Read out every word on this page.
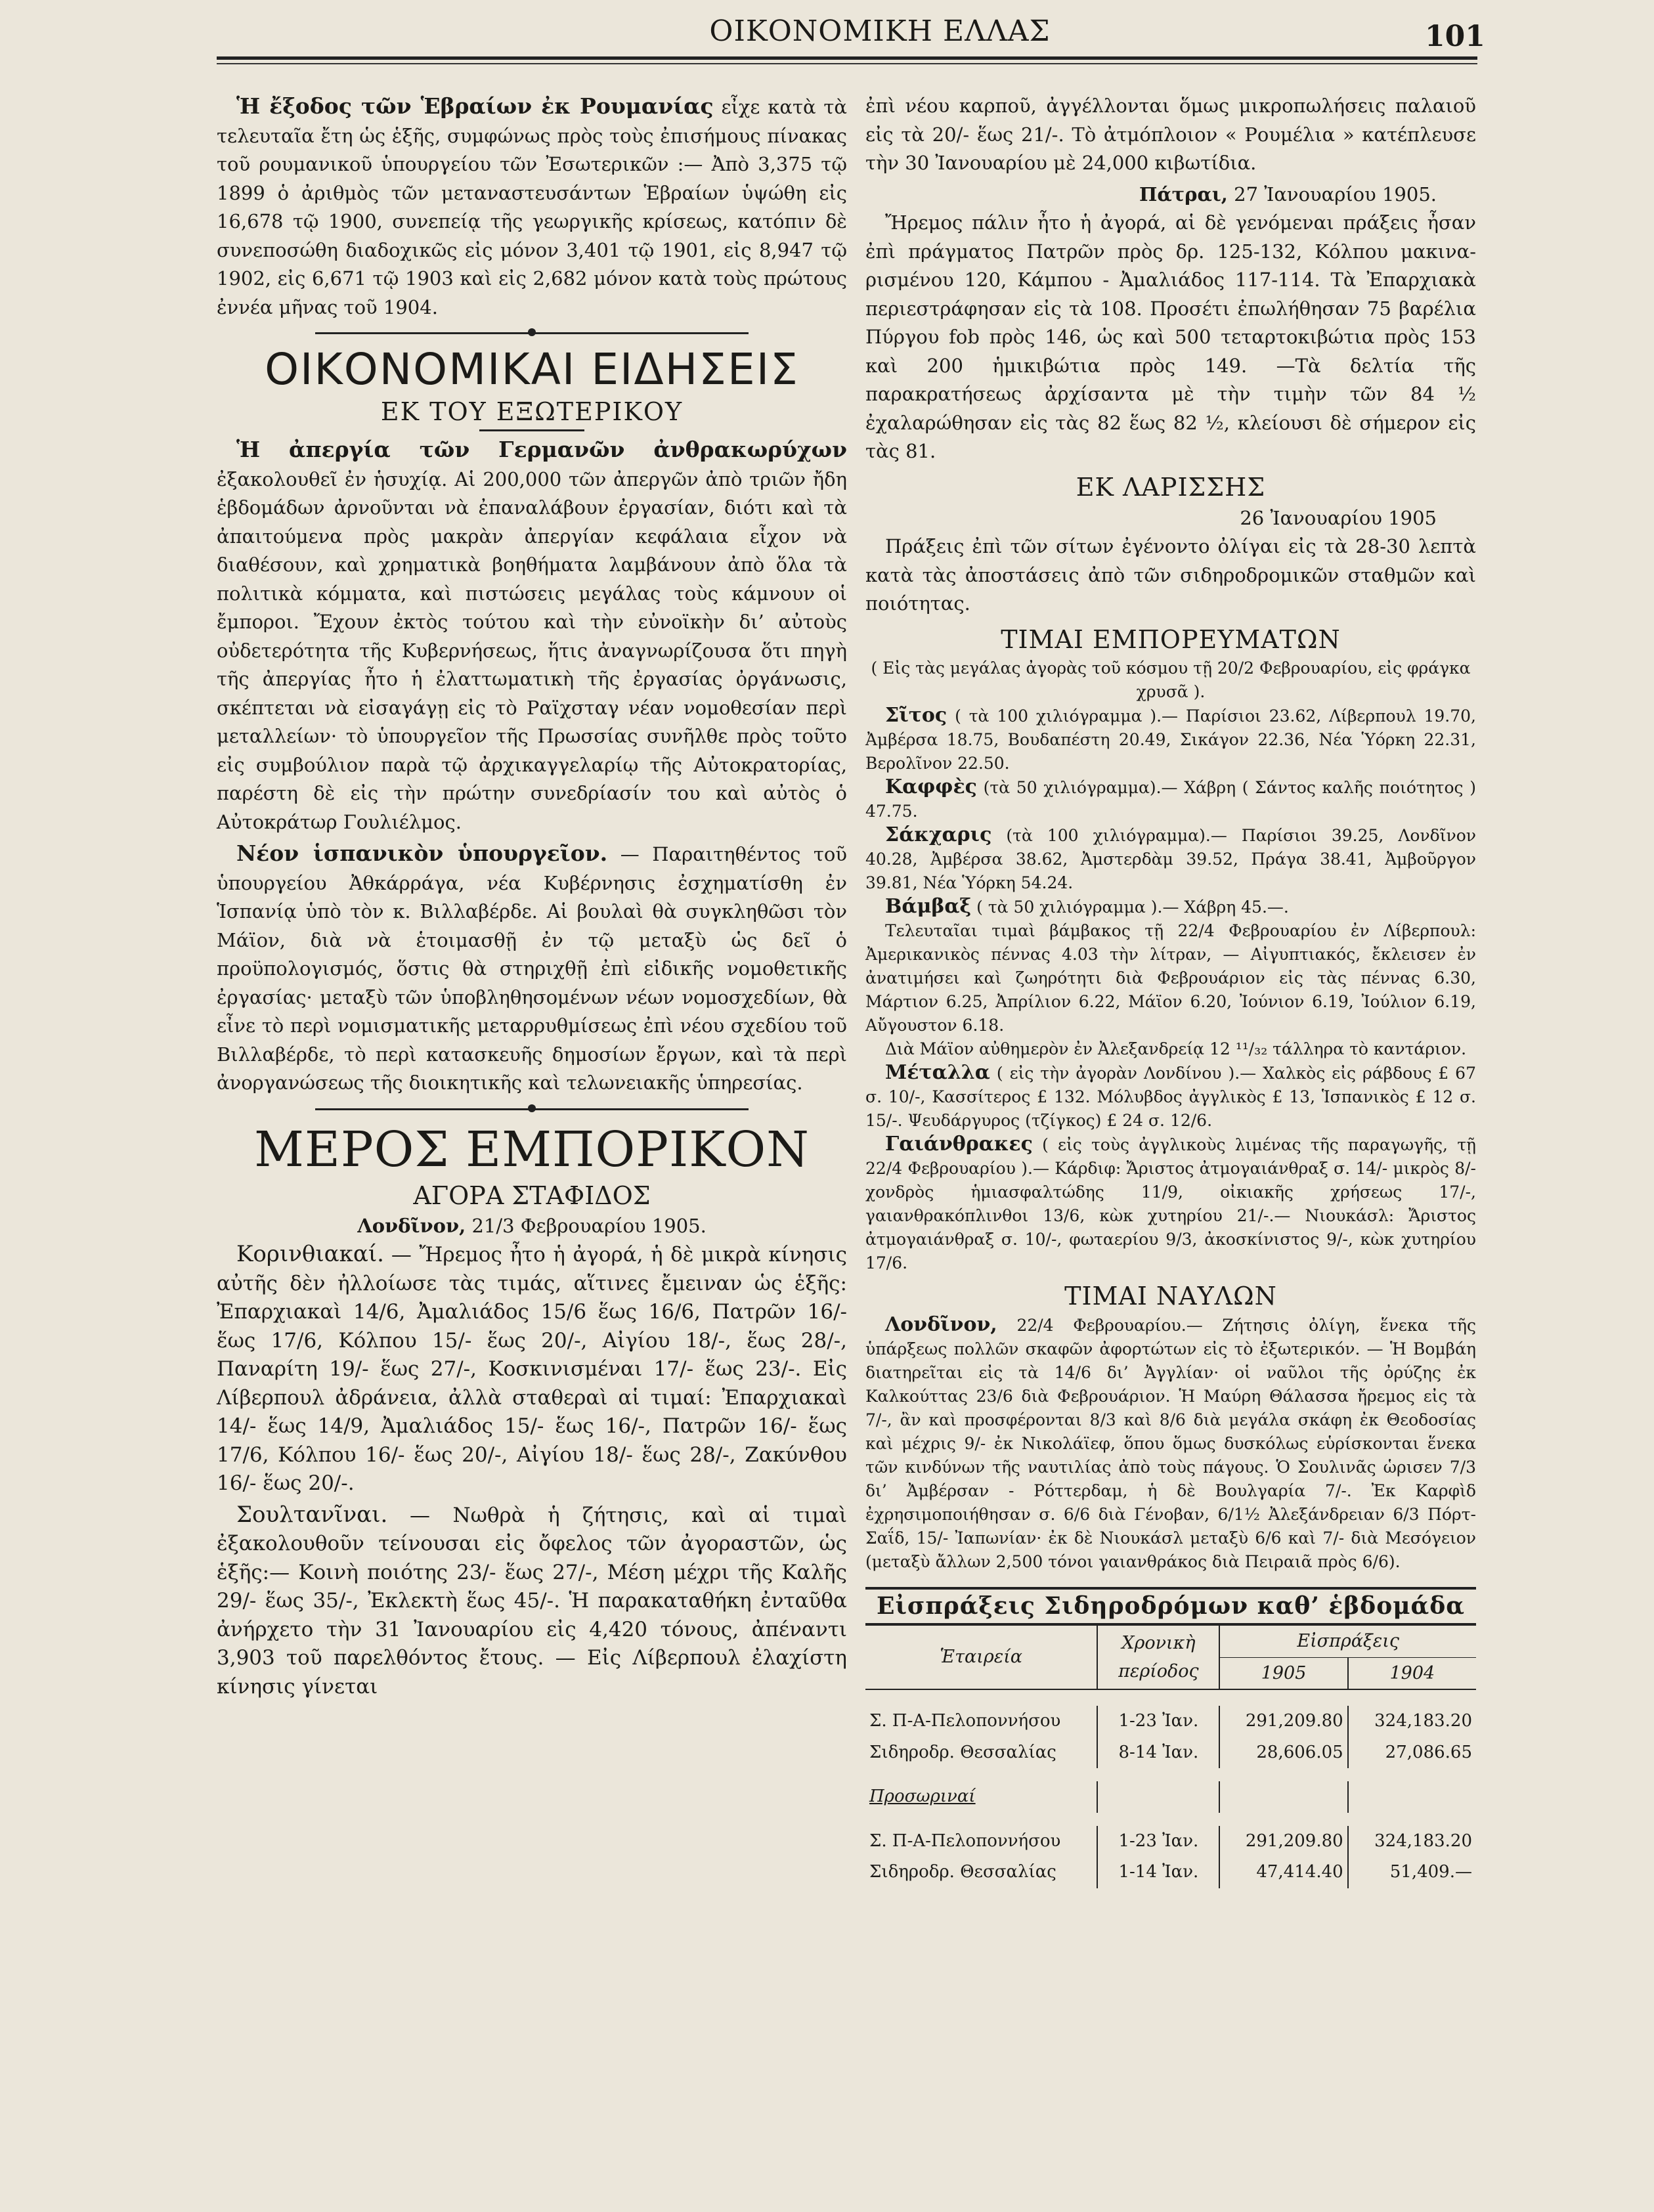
ΟΙΚΟΝΟΜΙΚΗ ΕΛΛΑΣ	101

Ἡ ἔξοδος τῶν Ἑβραίων ἐκ Ρουμανίας εἶχε κατὰ τὰ τελευταῖα ἔτη ὡς ἑξῆς, συμφώνως πρὸς τοὺς ἐπισήμους πίνακας τοῦ ρουμανικοῦ ὑπουργείου τῶν Ἐσωτερικῶν :— Ἀπὸ 3,375 τῷ 1899 ὁ ἀριθμὸς τῶν μεταναστευσάντων Ἑβραίων ὑψώθη εἰς 16,678 τῷ 1900, συνεπείᾳ τῆς γεωργικῆς κρίσεως, κατόπιν δὲ συνεποσώθη διαδοχικῶς εἰς μόνον 3,401 τῷ 1901, εἰς 8,947 τῷ 1902, εἰς 6,671 τῷ 1903 καὶ εἰς 2,682 μόνον κατὰ τοὺς πρώτους ἐννέα μῆνας τοῦ 1904.

ΟΙΚΟΝΟΜΙΚΑΙ ΕΙΔΗΣΕΙΣ
ΕΚ ΤΟΥ ΕΞΩΤΕΡΙΚΟΥ

Ἡ ἀπεργία τῶν Γερμανῶν ἀνθρακωρύχων ἐξακολουθεῖ ἐν ἡσυχίᾳ. Αἱ 200,000 τῶν ἀπεργῶν ἀπὸ τριῶν ἤδη ἑβδομάδων ἀρνοῦνται νὰ ἐπαναλάβουν ἐργασίαν, διότι καὶ τὰ ἀπαιτούμενα πρὸς μακρὰν ἀπεργίαν κεφάλαια εἶχον νὰ διαθέσουν, καὶ χρηματικὰ βοηθήματα λαμβάνουν ἀπὸ ὅλα τὰ πολιτικὰ κόμματα, καὶ πιστώσεις μεγάλας τοὺς κάμνουν οἱ ἔμποροι. Ἔχουν ἐκτὸς τούτου καὶ τὴν εὐνοϊκὴν δι’ αὐτοὺς οὐδετερότητα τῆς Κυβερνήσεως, ἥτις ἀναγνωρίζουσα ὅτι πηγὴ τῆς ἀπεργίας ἦτο ἡ ἐλαττωματικὴ τῆς ἐργασίας ὀργάνωσις, σκέπτεται νὰ εἰσαγάγῃ εἰς τὸ Ραϊχσταγ νέαν νομοθεσίαν περὶ μεταλλείων· τὸ ὑπουργεῖον τῆς Πρωσσίας συνῆλθε πρὸς τοῦτο εἰς συμβούλιον παρὰ τῷ ἀρχικαγγελαρίῳ τῆς Αὐτοκρατορίας, παρέστη δὲ εἰς τὴν πρώτην συνεδρίασίν του καὶ αὐτὸς ὁ Αὐτοκράτωρ Γουλιέλμος.

Νέον ἱσπανικὸν ὑπουργεῖον. — Παραιτηθέντος τοῦ ὑπουργείου Ἀθκάρράγα, νέα Κυβέρνησις ἐσχηματίσθη ἐν Ἱσπανίᾳ ὑπὸ τὸν κ. Βιλλαβέρδε. Αἱ βουλαὶ θὰ συγκληθῶσι τὸν Μάϊον, διὰ νὰ ἑτοιμασθῇ ἐν τῷ μεταξὺ ὡς δεῖ ὁ προϋπολογισμός, ὅστις θὰ στηριχθῇ ἐπὶ εἰδικῆς νομοθετικῆς ἐργασίας· μεταξὺ τῶν ὑποβληθησομένων νέων νομοσχεδίων, θὰ εἶνε τὸ περὶ νομισματικῆς μεταρρυθμίσεως ἐπὶ νέου σχεδίου τοῦ Βιλλαβέρδε, τὸ περὶ κατασκευῆς δημοσίων ἔργων, καὶ τὰ περὶ ἀνοργανώσεως τῆς διοικητικῆς καὶ τελωνειακῆς ὑπηρεσίας.

ΜΕΡΟΣ ΕΜΠΟΡΙΚΟΝ
ΑΓΟΡΑ ΣΤΑΦΙΔΟΣ
Λονδῖνον, 21/3 Φεβρουαρίου 1905.

Κορινθιακαί. — Ἤρεμος ἦτο ἡ ἀγορά, ἡ δὲ μικρὰ κίνησις αὐτῆς δὲν ἠλλοίωσε τὰς τιμάς, αἵτινες ἔμειναν ὡς ἑξῆς: Ἐπαρχιακαὶ 14/6, Ἀμαλιάδος 15/6 ἕως 16/6, Πατρῶν 16/- ἕως 17/6, Κόλπου 15/- ἕως 20/-, Αἰγίου 18/-, ἕως 28/-, Παναρίτη 19/- ἕως 27/-, Κοσκινισμέναι 17/- ἕως 23/-. Εἰς Λίβερπουλ ἀδράνεια, ἀλλὰ σταθεραὶ αἱ τιμαί: Ἐπαρχιακαὶ 14/- ἕως 14/9, Ἀμαλιάδος 15/- ἕως 16/-, Πατρῶν 16/- ἕως 17/6, Κόλπου 16/- ἕως 20/-, Αἰγίου 18/- ἕως 28/-, Ζακύνθου 16/- ἕως 20/-.

Σουλτανῖναι. — Νωθρὰ ἡ ζήτησις, καὶ αἱ τιμαὶ ἐξακολουθοῦν τείνουσαι εἰς ὄφελος τῶν ἀγοραστῶν, ὡς ἑξῆς:— Κοινὴ ποιότης 23/- ἕως 27/-, Μέση μέχρι τῆς Καλῆς 29/- ἕως 35/-, Ἐκλεκτὴ ἕως 45/-. Ἡ παρακαταθήκη ἐνταῦθα ἀνήρχετο τὴν 31 Ἰανουαρίου εἰς 4,420 τόνους, ἀπέναντι 3,903 τοῦ παρελθόντος ἔτους. — Εἰς Λίβερπουλ ἐλαχίστη κίνησις γίνεται

ἐπὶ νέου καρποῦ, ἀγγέλλονται ὅμως μικροπωλήσεις παλαιοῦ εἰς τὰ 20/- ἕως 21/-. Τὸ ἀτμόπλοιον « Ρουμέλια » κατέπλευσε τὴν 30 Ἰανουαρίου μὲ 24,000 κιβωτίδια.

Πάτραι, 27 Ἰανουαρίου 1905.

Ἤρεμος πάλιν ἦτο ἡ ἀγορά, αἱ δὲ γενόμεναι πράξεις ἦσαν ἐπὶ πράγματος Πατρῶν πρὸς δρ. 125-132, Κόλπου μακιναρισμένου 120, Κάμπου - Ἀμαλιάδος 117-114. Τὰ Ἐπαρχιακὰ περιεστράφησαν εἰς τὰ 108. Προσέτι ἐπωλήθησαν 75 βαρέλια Πύργου fob πρὸς 146, ὡς καὶ 500 τεταρτοκιβώτια πρὸς 153 καὶ 200 ἡμικιβώτια πρὸς 149. —Τὰ δελτία τῆς παρακρατήσεως ἀρχίσαντα μὲ τὴν τιμὴν τῶν 84 ½ ἐχαλαρώθησαν εἰς τὰς 82 ἕως 82 ½, κλείουσι δὲ σήμερον εἰς τὰς 81.

ΕΚ ΛΑΡΙΣΣΗΣ
26 Ἰανουαρίου 1905

Πράξεις ἐπὶ τῶν σίτων ἐγένοντο ὀλίγαι εἰς τὰ 28-30 λεπτὰ κατὰ τὰς ἀποστάσεις ἀπὸ τῶν σιδηροδρομικῶν σταθμῶν καὶ ποιότητας.

ΤΙΜΑΙ ΕΜΠΟΡΕΥΜΑΤΩΝ
( Εἰς τὰς μεγάλας ἀγορὰς τοῦ κόσμου τῇ 20/2 Φεβρουαρίου, εἰς φράγκα χρυσᾶ ).
Σῖτος ( τὰ 100 χιλιόγραμμα ).— Παρίσιοι 23.62, Λίβερπουλ 19.70, Ἀμβέρσα 18.75, Βουδαπέστη 20.49, Σικάγον 22.36, Νέα Ὑόρκη 22.31, Βερολῖνον 22.50.
Καφφὲς (τὰ 50 χιλιόγραμμα).— Χάβρη ( Σάντος καλῆς ποιότητος ) 47.75.
Σάκχαρις (τὰ 100 χιλιόγραμμα).— Παρίσιοι 39.25, Λονδῖνον 40.28, Ἀμβέρσα 38.62, Ἀμστερδὰμ 39.52, Πράγα 38.41, Ἀμβοῦργον 39.81, Νέα Ὑόρκη 54.24.
Βάμβαξ ( τὰ 50 χιλιόγραμμα ).— Χάβρη 45.—.
Τελευταῖαι τιμαὶ βάμβακος τῇ 22/4 Φεβρουαρίου ἐν Λίβερπουλ: Ἀμερικανικὸς πέννας 4.03 τὴν λίτραν, — Αἰγυπτιακός, ἔκλεισεν ἐν ἀνατιμήσει καὶ ζωηρότητι διὰ Φεβρουάριον εἰς τὰς πέννας 6.30, Μάρτιον 6.25, Ἀπρίλιον 6.22, Μάϊον 6.20, Ἰούνιον 6.19, Ἰούλιον 6.19, Αὔγουστον 6.18.
Διὰ Μάϊον αὐθημερὸν ἐν Ἀλεξανδρείᾳ 12 ¹¹/₃₂ τάλληρα τὸ καντάριον.
Μέταλλα ( εἰς τὴν ἀγορὰν Λονδίνου ).— Χαλκὸς εἰς ράβδους £ 67 σ. 10/-, Κασσίτερος £ 132. Μόλυβδος ἀγγλικὸς £ 13, Ἱσπανικὸς £ 12 σ. 15/-. Ψευδάργυρος (τζίγκος) £ 24 σ. 12/6.
Γαιάνθρακες ( εἰς τοὺς ἀγγλικοὺς λιμένας τῆς παραγωγῆς, τῇ 22/4 Φεβρουαρίου ).— Κάρδιφ: Ἄριστος ἀτμογαιάνθραξ σ. 14/- μικρὸς 8/- χονδρὸς ἡμιασφαλτώδης 11/9, οἰκιακῆς χρήσεως 17/-, γαιανθρακόπλινθοι 13/6, κὼκ χυτηρίου 21/-.— Νιουκάσλ: Ἄριστος ἀτμογαιάνθραξ σ. 10/-, φωταερίου 9/3, ἀκοσκίνιστος 9/-, κὼκ χυτηρίου 17/6.
ΤΙΜΑΙ ΝΑΥΛΩΝ
Λονδῖνον, 22/4 Φεβρουαρίου.— Ζήτησις ὀλίγη, ἕνεκα τῆς ὑπάρξεως πολλῶν σκαφῶν ἀφορτώτων εἰς τὸ ἐξωτερικόν. — Ἡ Βομβάη διατηρεῖται εἰς τὰ 14/6 δι’ Ἀγγλίαν· οἱ ναῦλοι τῆς ὀρύζης ἐκ Καλκούττας 23/6 διὰ Φεβρουάριον. Ἡ Μαύρη Θάλασσα ἤρεμος εἰς τὰ 7/-, ἂν καὶ προσφέρονται 8/3 καὶ 8/6 διὰ μεγάλα σκάφη ἐκ Θεοδοσίας καὶ μέχρις 9/- ἐκ Νικολάϊεφ, ὅπου ὅμως δυσκόλως εὑρίσκονται ἕνεκα τῶν κινδύνων τῆς ναυτιλίας ἀπὸ τοὺς πάγους. Ὁ Σουλινᾶς ὡρισεν 7/3 δι’ Ἀμβέρσαν - Ρόττερδαμ, ἡ δὲ Βουλγαρία 7/-. Ἐκ Καρφὶδ ἐχρησιμοποιήθησαν σ. 6/6 διὰ Γένοβαν, 6/1½ Ἀλεξάνδρειαν 6/3 Πόρτ-Σαΐδ, 15/- Ἰαπωνίαν· ἐκ δὲ Νιουκάσλ μεταξὺ 6/6 καὶ 7/- διὰ Μεσόγειον (μεταξὺ ἄλλων 2,500 τόνοι γαιανθράκος διὰ Πειραιᾶ πρὸς 6/6).
Εἰσπράξεις Σιδηροδρόμων καθ’ ἑβδομάδα
Ἑταιρεία	Χρονικὴ περίοδος	Εἰσπράξεις	
		1905	1904

Σ. Π-Α-Πελοποννήσου	1-23 Ἰαν.	291,209.80	324,183.20
Σιδηροδρ. Θεσσαλίας	8-14 Ἰαν.	28,606.05	27,086.65

Προσωριναί			

Σ. Π-Α-Πελοποννήσου	1-23 Ἰαν.	291,209.80	324,183.20
Σιδηροδρ. Θεσσαλίας	1-14 Ἰαν.	47,414.40	51,409.—
